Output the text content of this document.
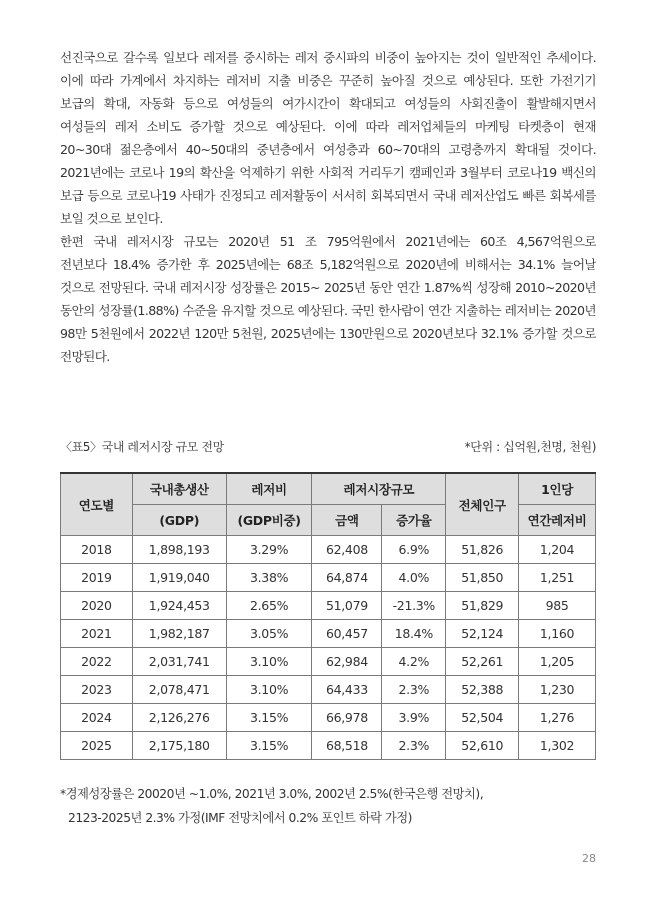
선진국으로 갈수록 일보다 레저를 중시하는 레저 중시파의 비중이 높아지는 것이 일반적인 추세이다.
이에 따라 가계에서 차지하는 레저비 지출 비중은 꾸준히 높아질 것으로 예상된다. 또한 가전기기
보급의 확대, 자동화 등으로 여성들의 여가시간이 확대되고 여성들의 사회진출이 활발해지면서
여성들의 레저 소비도 증가할 것으로 예상된다. 이에 따라 레저업체들의 마케팅 타켓층이 현재
20~30대 젊은층에서 40~50대의 중년층에서 여성층과 60~70대의 고령층까지 확대될 것이다.
2021년에는 코로나 19의 확산을 억제하기 위한 사회적 거리두기 캠페인과 3월부터 코로나19 백신의
보급 등으로 코로나19 사태가 진정되고 레저활동이 서서히 회복되면서 국내 레저산업도 빠른 회복세를
보일 것으로 보인다.
한편 국내 레저시장 규모는 2020년 51 조 795억원에서 2021년에는 60조 4,567억원으로
전년보다 18.4% 증가한 후 2025년에는 68조 5,182억원으로 2020년에 비해서는 34.1% 늘어날
것으로 전망된다. 국내 레저시장 성장률은 2015~ 2025년 동안 연간 1.87%씩 성장해 2010~2020년
동안의 성장률(1.88%) 수준을 유지할 것으로 예상된다. 국민 한사람이 연간 지출하는 레저비는 2020년
98만 5천원에서 2022년 120만 5천원, 2025년에는 130만원으로 2020년보다 32.1% 증가할 것으로
전망된다.
〈표5〉국내 레저시장 규모 전망	*단위 : 십억원,천명, 천원)
연도별	국내총생산	레저비	레저시장규모		전체인구	1인당
	(GDP)	(GDP비중)	금액	증가율		연간레저비
2018	1,898,193	3.29%	62,408	6.9%	51,826	1,204
2019	1,919,040	3.38%	64,874	4.0%	51,850	1,251
2020	1,924,453	2.65%	51,079	-21.3%	51,829	985
2021	1,982,187	3.05%	60,457	18.4%	52,124	1,160
2022	2,031,741	3.10%	62,984	4.2%	52,261	1,205
2023	2,078,471	3.10%	64,433	2.3%	52,388	1,230
2024	2,126,276	3.15%	66,978	3.9%	52,504	1,276
2025	2,175,180	3.15%	68,518	2.3%	52,610	1,302
*경제성장률은 20020년 ~1.0%, 2021년 3.0%, 2002년 2.5%(한국은행 전망치),
2123-2025년 2.3% 가정(IMF 전망치에서 0.2% 포인트 하락 가정)
28
